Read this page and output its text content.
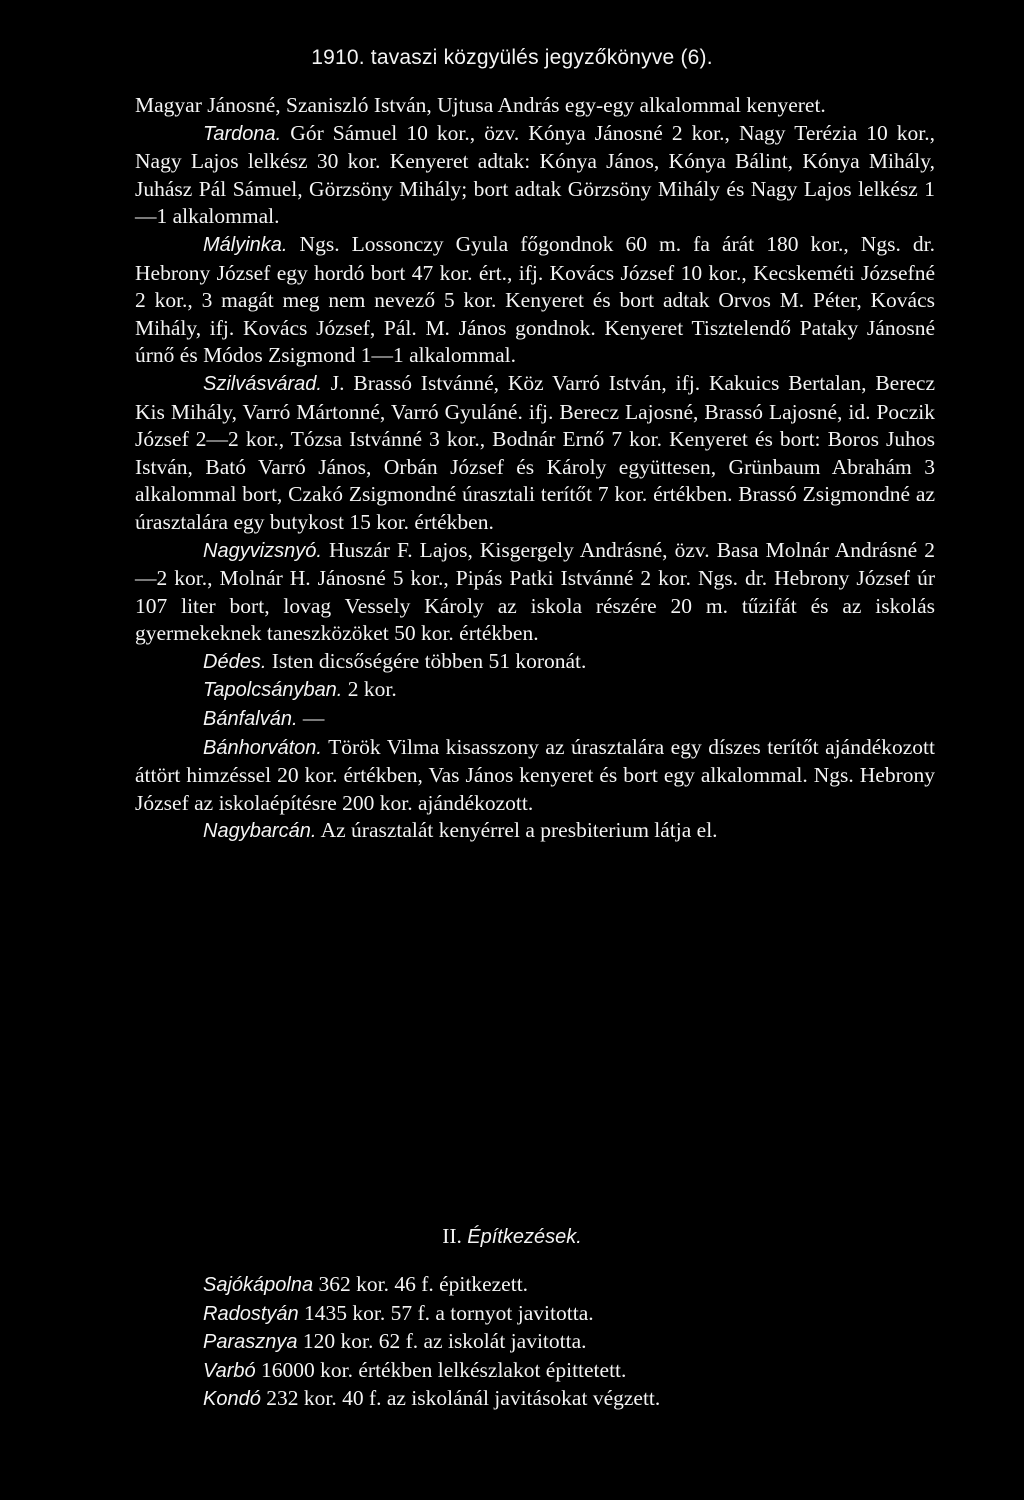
1910. tavaszi közgyülés jegyzőkönyve (6).

Magyar Jánosné, Szaniszló István, Ujtusa András egy-egy alkalommal kenyeret.

Tardona. Gór Sámuel 10 kor., özv. Kónya Jánosné 2 kor., Nagy Terézia 10 kor., Nagy Lajos lelkész 30 kor. Kenyeret adtak: Kónya János, Kónya Bálint, Kónya Mihály, Juhász Pál Sámuel, Görzsöny Mihály; bort adtak Görzsöny Mihály és Nagy Lajos lelkész 1—1 alkalommal.

Mályinka. Ngs. Lossonczy Gyula főgondnok 60 m. fa árát 180 kor., Ngs. dr. Hebrony József egy hordó bort 47 kor. ért., ifj. Kovács József 10 kor., Kecskeméti Józsefné 2 kor., 3 magát meg nem nevező 5 kor. Kenyeret és bort adtak Orvos M. Péter, Kovács Mihály, ifj. Kovács József, Pál. M. János gondnok. Kenyeret Tisztelendő Pataky Jánosné úrnő és Módos Zsigmond 1—1 alkalommal.

Szilvásvárad. J. Brassó Istvánné, Köz Varró István, ifj. Kakuics Bertalan, Berecz Kis Mihály, Varró Mártonné, Varró Gyuláné. ifj. Berecz Lajosné, Brassó Lajosné, id. Poczik József 2—2 kor., Tózsa Istvánné 3 kor., Bodnár Ernő 7 kor. Kenyeret és bort: Boros Juhos István, Bató Varró János, Orbán József és Károly együttesen, Grünbaum Abrahám 3 alkalommal bort, Czakó Zsigmondné úrasztali terítőt 7 kor. értékben. Brassó Zsigmondné az úrasztalára egy butykost 15 kor. értékben.

Nagyvizsnyó. Huszár F. Lajos, Kisgergely Andrásné, özv. Basa Molnár Andrásné 2—2 kor., Molnár H. Jánosné 5 kor., Pipás Patki Istvánné 2 kor. Ngs. dr. Hebrony József úr 107 liter bort, lovag Vessely Károly az iskola részére 20 m. tűzifát és az iskolás gyermekeknek taneszközöket 50 kor. értékben.

Dédes. Isten dicsőségére többen 51 koronát.

Tapolcsányban. 2 kor.

Bánfalván. —

Bánhorváton. Török Vilma kisasszony az úrasztalára egy díszes terítőt ajándékozott áttört himzéssel 20 kor. értékben, Vas János kenyeret és bort egy alkalommal. Ngs. Hebrony József az iskolaépítésre 200 kor. ajándékozott.

Nagybarcán. Az úrasztalát kenyérrel a presbiterium látja el.

II. Építkezések.

Sajókápolna 362 kor. 46 f. épitkezett.

Radostyán 1435 kor. 57 f. a tornyot javitotta.

Parasznya 120 kor. 62 f. az iskolát javitotta.

Varbó 16000 kor. értékben lelkészlakot épittetett.

Kondó 232 kor. 40 f. az iskolánál javitásokat végzett.
